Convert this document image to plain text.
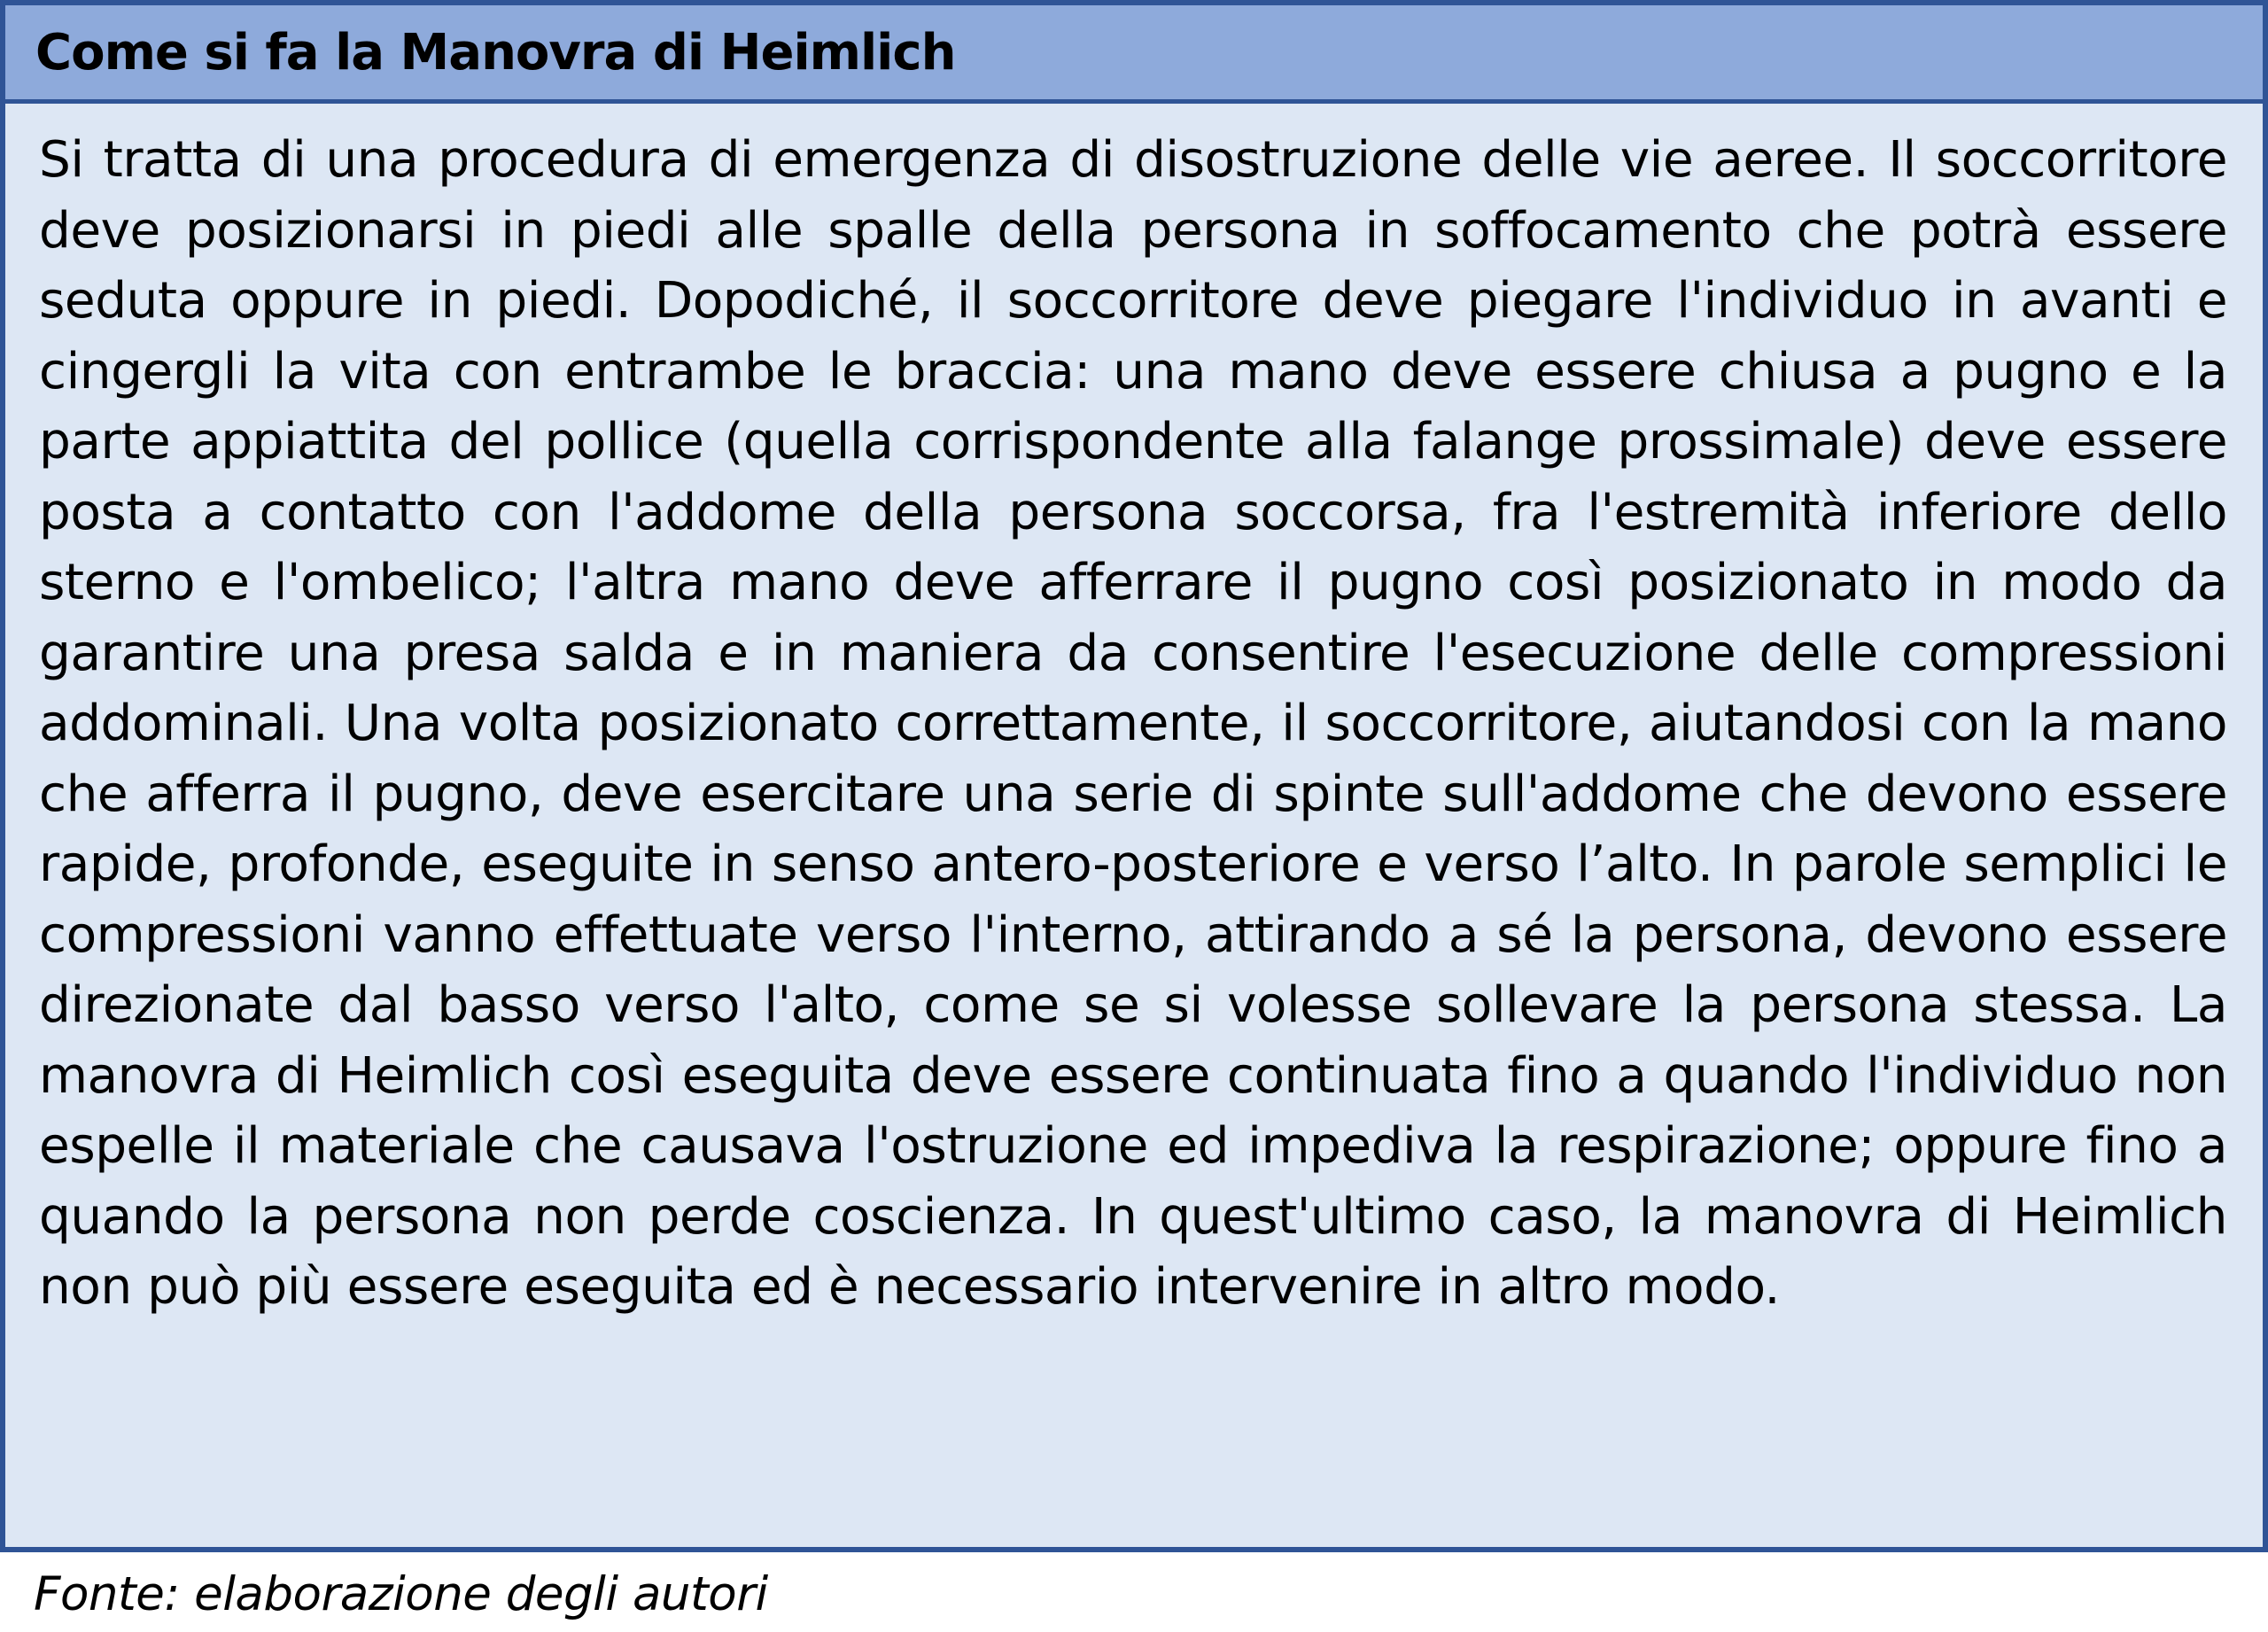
Come si fa la Manovra di Heimlich

Si tratta di una procedura di emergenza di disostruzione delle vie aeree. Il soccorritore deve posizionarsi in piedi alle spalle della persona in soffocamento che potrà essere seduta oppure in piedi. Dopodiché, il soccorritore deve piegare l'individuo in avanti e cingergli la vita con entrambe le braccia: una mano deve essere chiusa a pugno e la parte appiattita del pollice (quella corrispondente alla falange prossimale) deve essere posta a contatto con l'addome della persona soccorsa, fra l'estremità inferiore dello sterno e l'ombelico; l'altra mano deve afferrare il pugno così posizionato in modo da garantire una presa salda e in maniera da consentire l'esecuzione delle compressioni addominali. Una volta posizionato correttamente, il soccorritore, aiutandosi con la mano che afferra il pugno, deve esercitare una serie di spinte sull'addome che devono essere rapide, profonde, eseguite in senso antero-posteriore e verso l’alto. In parole semplici le compressioni vanno effettuate verso l'interno, attirando a sé la persona, devono essere direzionate dal basso verso l'alto, come se si volesse sollevare la persona stessa. La manovra di Heimlich così eseguita deve essere continuata fino a quando l'individuo non espelle il materiale che causava l'ostruzione ed impediva la respirazione; oppure fino a quando la persona non perde coscienza. In quest'ultimo caso, la manovra di Heimlich non può più essere eseguita ed è necessario intervenire in altro modo.

Fonte: elaborazione degli autori
